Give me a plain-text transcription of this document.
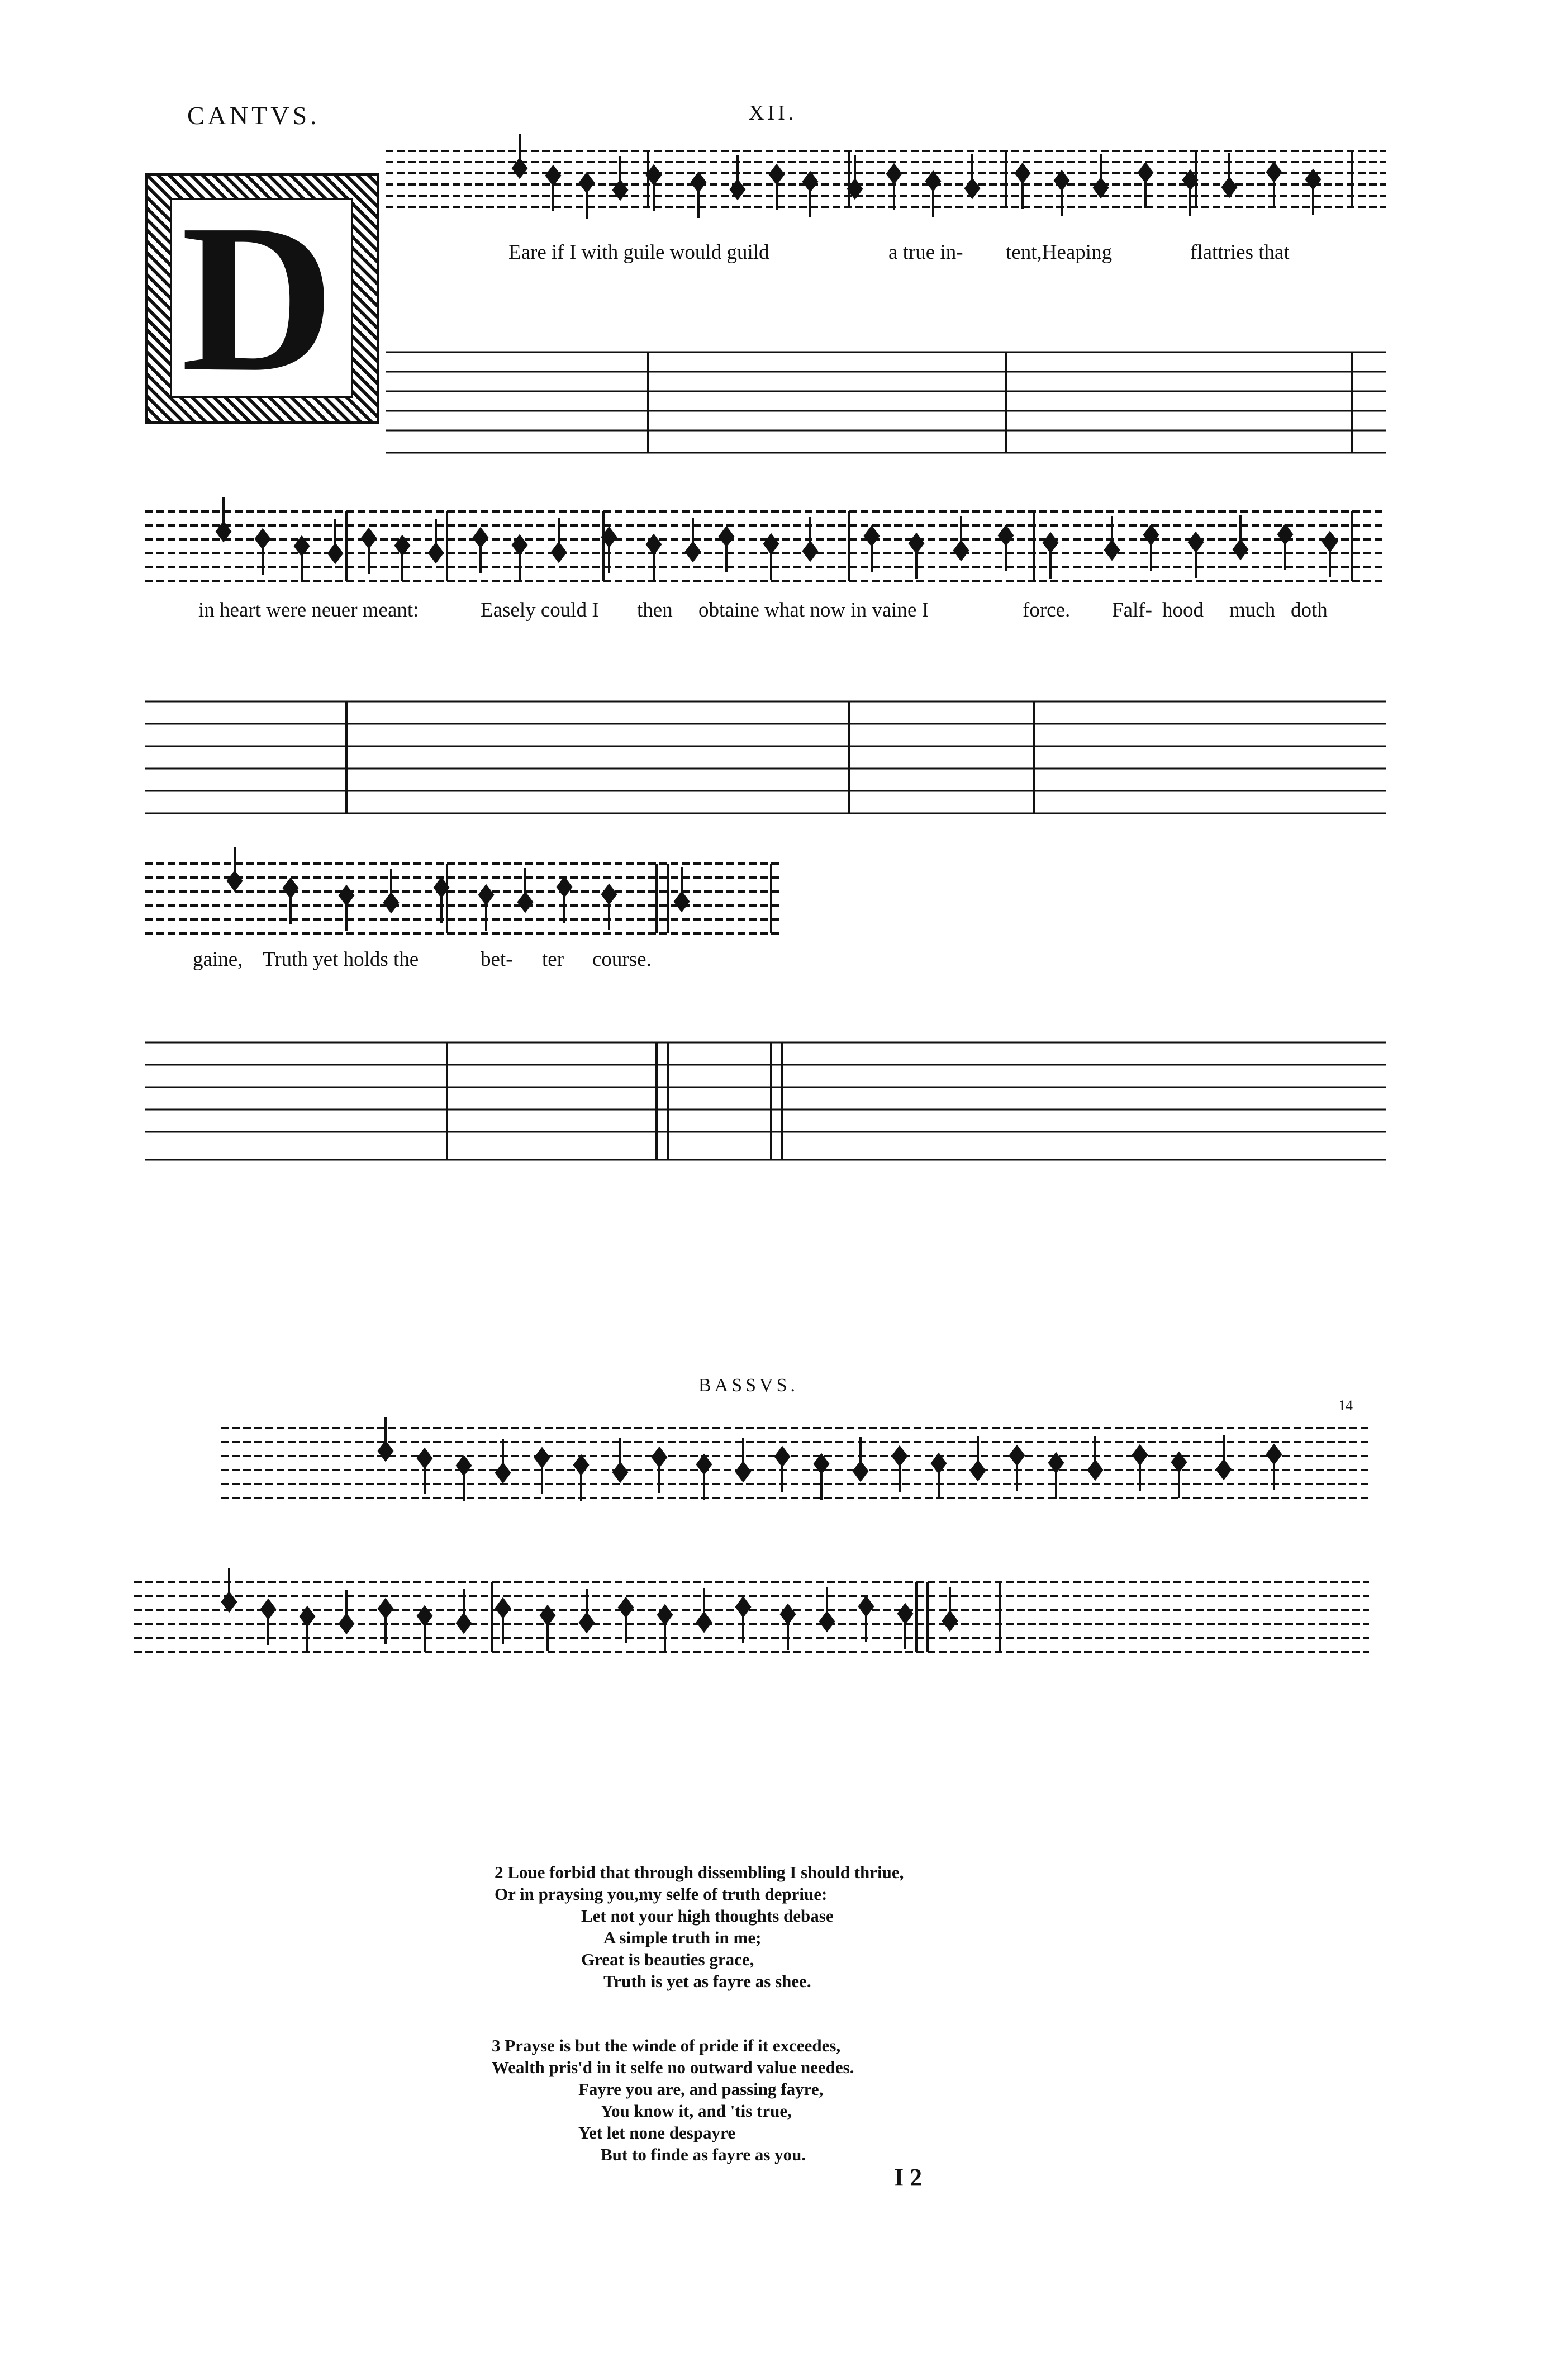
CANTVS.	XII.
D	Eare if I with guile would guild	a true in- tent,Heaping	flattries that
in heart were neuer meant:	Easely could I then obtaine what now in vaine I	force. Falf- hood much doth
gaine, Truth yet holds the	bet- ter course.
BASSVS.
14
2 Loue forbid that through dissembling I should thriue,
Or in praysing you,my selfe of truth depriue:
Let not your high thoughts debase
A simple truth in me;
Great is beauties grace,
Truth is yet as fayre as shee.
3 Prayse is but the winde of pride if it exceedes,
Wealth pris'd in it selfe no outward value needes.
Fayre you are, and passing fayre,
You know it, and 'tis true,
Yet let none despayre
But to finde as fayre as you.
I 2
